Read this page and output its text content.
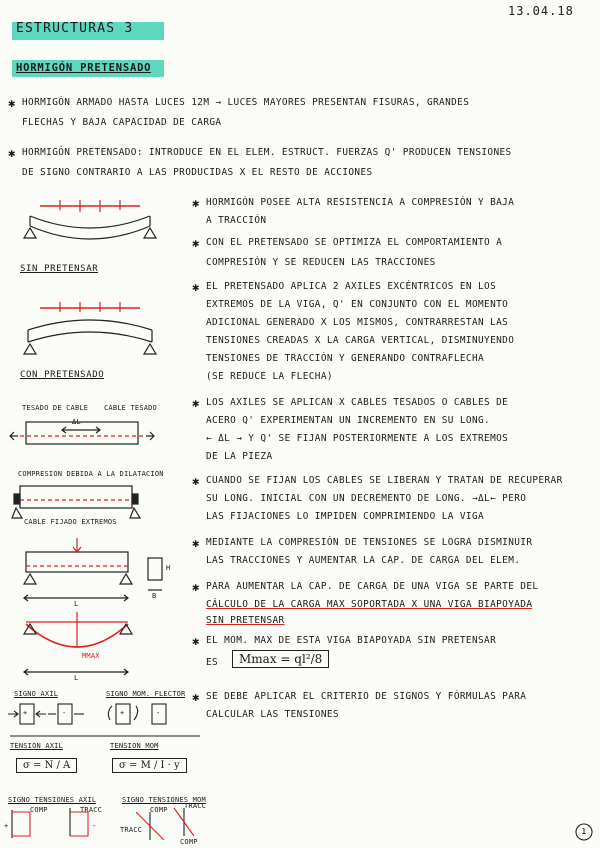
ESTRUCTURAS 3
13.04.18
HORMIGÓN PRETENSADO
✱ HORMIGÓN ARMADO HASTA LUCES 12M → LUCES MAYORES PRESENTAN FISURAS, GRANDES
FLECHAS Y BAJA CAPACIDAD DE CARGA
✱ HORMIGÓN PRETENSADO: INTRODUCE EN EL ELEM. ESTRUCT. FUERZAS Q' PRODUCEN TENSIONES
DE SIGNO CONTRARIO A LAS PRODUCIDAS X EL RESTO DE ACCIONES
SIN PRETENSAR
CON PRETENSADO
TESADO DE CABLE CABLE TESADO
ΔL
COMPRESIÓN DEBIDA A LA DILATACIÓN
CABLE FIJADO EXTREMOS
L
H
B
MMAX
L
SIGNO AXIL	SIGNO MOM. FLECTOR
+	-	+	-
TENSIÓN AXIL	TENSIÓN MOM
σ = N / A	σ = M / I · y
SIGNO TENSIONES AXIL	SIGNO TENSIONES MOM
COMP	TRACC	COMP TRACC
+	-	TRACC
COMP
✱ HORMIGÓN POSEE ALTA RESISTENCIA A COMPRESIÓN Y BAJA
A TRACCIÓN
✱ CON EL PRETENSADO SE OPTIMIZA EL COMPORTAMIENTO A
COMPRESIÓN Y SE REDUCEN LAS TRACCIONES
✱ EL PRETENSADO APLICA 2 AXILES EXCÉNTRICOS EN LOS
EXTREMOS DE LA VIGA, Q' EN CONJUNTO CON EL MOMENTO
ADICIONAL GENERADO X LOS MISMOS, CONTRARRESTAN LAS
TENSIONES CREADAS X LA CARGA VERTICAL, DISMINUYENDO
TENSIONES DE TRACCIÓN Y GENERANDO CONTRAFLECHA
(SE REDUCE LA FLECHA)
✱ LOS AXILES SE APLICAN X CABLES TESADOS O CABLES DE
ACERO Q' EXPERIMENTAN UN INCREMENTO EN SU LONG.
← ΔL → Y Q' SE FIJAN POSTERIORMENTE A LOS EXTREMOS
DE LA PIEZA
✱ CUANDO SE FIJAN LOS CABLES SE LIBERAN Y TRATAN DE RECUPERAR
SU LONG. INICIAL CON UN DECREMENTO DE LONG. →ΔL← PERO
LAS FIJACIONES LO IMPIDEN COMPRIMIENDO LA VIGA
✱ MEDIANTE LA COMPRESIÓN DE TENSIONES SE LOGRA DISMINUIR
LAS TRACCIONES Y AUMENTAR LA CAP. DE CARGA DEL ELEM.
✱ PARA AUMENTAR LA CAP. DE CARGA DE UNA VIGA SE PARTE DEL
CÁLCULO DE LA CARGA MAX SOPORTADA X UNA VIGA BIAPOYADA
SIN PRETENSAR
✱ EL MOM. MAX DE ESTA VIGA BIAPOYADA SIN PRETENSAR
ES	Mmax = ql²/8
✱ SE DEBE APLICAR EL CRITERIO DE SIGNOS Y FÓRMULAS PARA
CALCULAR LAS TENSIONES
1
